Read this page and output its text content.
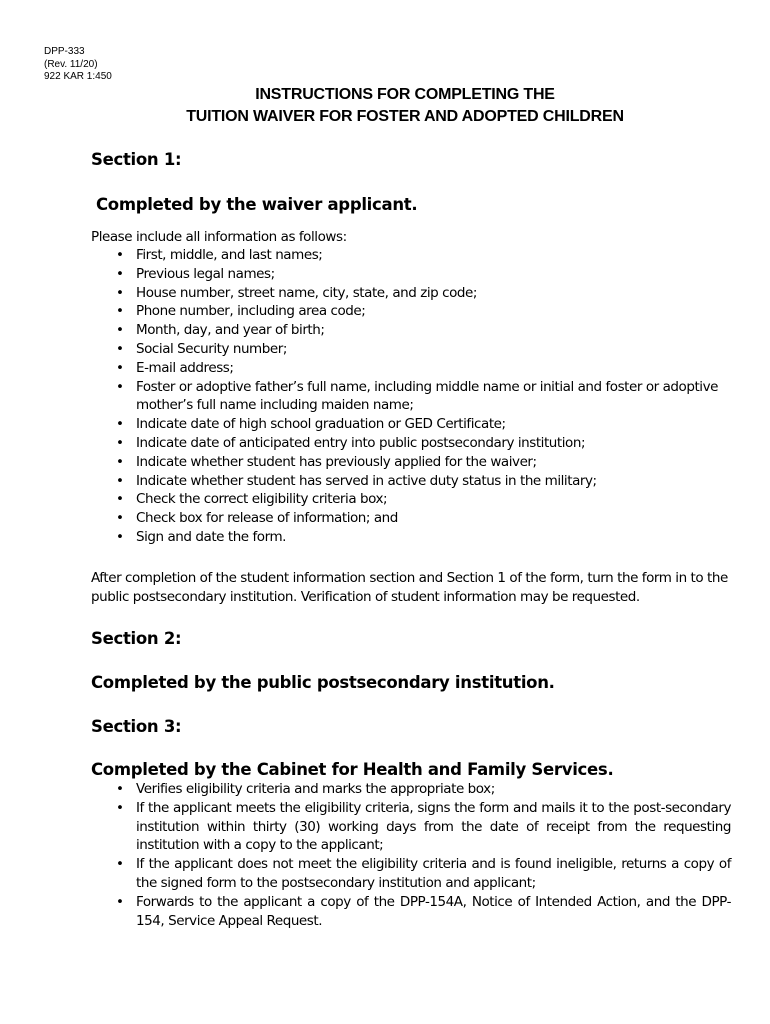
DPP-333
(Rev. 11/20)
922 KAR 1:450
INSTRUCTIONS FOR COMPLETING THE
TUITION WAIVER FOR FOSTER AND ADOPTED CHILDREN
Section 1:
Completed by the waiver applicant.
Please include all information as follows:
• First, middle, and last names;
• Previous legal names;
• House number, street name, city, state, and zip code;
• Phone number, including area code;
• Month, day, and year of birth;
• Social Security number;
• E-mail address;
• Foster or adoptive father’s full name, including middle name or initial and foster or adoptive mother’s full name including maiden name;
• Indicate date of high school graduation or GED Certificate;
• Indicate date of anticipated entry into public postsecondary institution;
• Indicate whether student has previously applied for the waiver;
• Indicate whether student has served in active duty status in the military;
• Check the correct eligibility criteria box;
• Check box for release of information; and
• Sign and date the form.
After completion of the student information section and Section 1 of the form, turn the form in to the public postsecondary institution. Verification of student information may be requested.
Section 2:
Completed by the public postsecondary institution.
Section 3:
Completed by the Cabinet for Health and Family Services.
• Verifies eligibility criteria and marks the appropriate box;
• If the applicant meets the eligibility criteria, signs the form and mails it to the post-secondary institution within thirty (30) working days from the date of receipt from the requesting institution with a copy to the applicant;
• If the applicant does not meet the eligibility criteria and is found ineligible, returns a copy of the signed form to the postsecondary institution and applicant;
• Forwards to the applicant a copy of the DPP-154A, Notice of Intended Action, and the DPP-154, Service Appeal Request.
